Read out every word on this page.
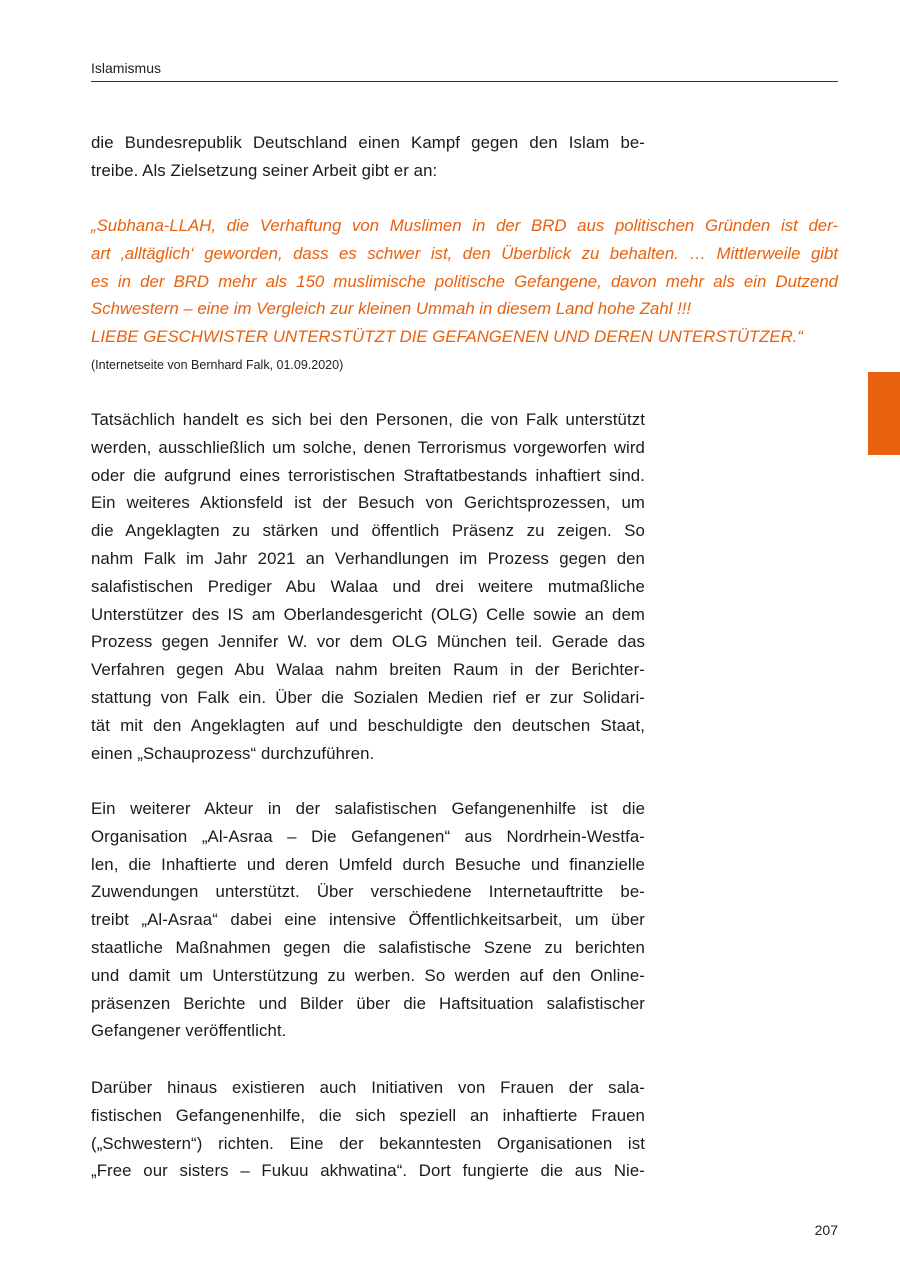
Islamismus

die Bundesrepublik Deutschland einen Kampf gegen den Islam be-
treibe. Als Zielsetzung seiner Arbeit gibt er an:

„Subhana-LLAH, die Verhaftung von Muslimen in der BRD aus politischen Gründen ist der-
art ‚alltäglich‘ geworden, dass es schwer ist, den Überblick zu behalten. … Mittlerweile gibt
es in der BRD mehr als 150 muslimische politische Gefangene, davon mehr als ein Dutzend
Schwestern – eine im Vergleich zur kleinen Ummah in diesem Land hohe Zahl !!!
LIEBE GESCHWISTER UNTERSTÜTZT DIE GEFANGENEN UND DEREN UNTERSTÜTZER.“

(Internetseite von Bernhard Falk, 01.09.2020)

Tatsächlich handelt es sich bei den Personen, die von Falk unterstützt
werden, ausschließlich um solche, denen Terrorismus vorgeworfen wird
oder die aufgrund eines terroristischen Straftatbestands inhaftiert sind.
Ein weiteres Aktionsfeld ist der Besuch von Gerichtsprozessen, um
die Angeklagten zu stärken und öffentlich Präsenz zu zeigen. So
nahm Falk im Jahr 2021 an Verhandlungen im Prozess gegen den
salafistischen Prediger Abu Walaa und drei weitere mutmaßliche
Unterstützer des IS am Oberlandesgericht (OLG) Celle sowie an dem
Prozess gegen Jennifer W. vor dem OLG München teil. Gerade das
Verfahren gegen Abu Walaa nahm breiten Raum in der Berichter-
stattung von Falk ein. Über die Sozialen Medien rief er zur Solidari-
tät mit den Angeklagten auf und beschuldigte den deutschen Staat,
einen „Schauprozess“ durchzuführen.

Ein weiterer Akteur in der salafistischen Gefangenenhilfe ist die
Organisation „Al-Asraa – Die Gefangenen“ aus Nordrhein-Westfa-
len, die Inhaftierte und deren Umfeld durch Besuche und finanzielle
Zuwendungen unterstützt. Über verschiedene Internetauftritte be-
treibt „Al-Asraa“ dabei eine intensive Öffentlichkeitsarbeit, um über
staatliche Maßnahmen gegen die salafistische Szene zu berichten
und damit um Unterstützung zu werben. So werden auf den Online-
präsenzen Berichte und Bilder über die Haftsituation salafistischer
Gefangener veröffentlicht.

Darüber hinaus existieren auch Initiativen von Frauen der sala-
fistischen Gefangenenhilfe, die sich speziell an inhaftierte Frauen
(„Schwestern“) richten. Eine der bekanntesten Organisationen ist
„Free our sisters – Fukuu akhwatina“. Dort fungierte die aus Nie-

207
